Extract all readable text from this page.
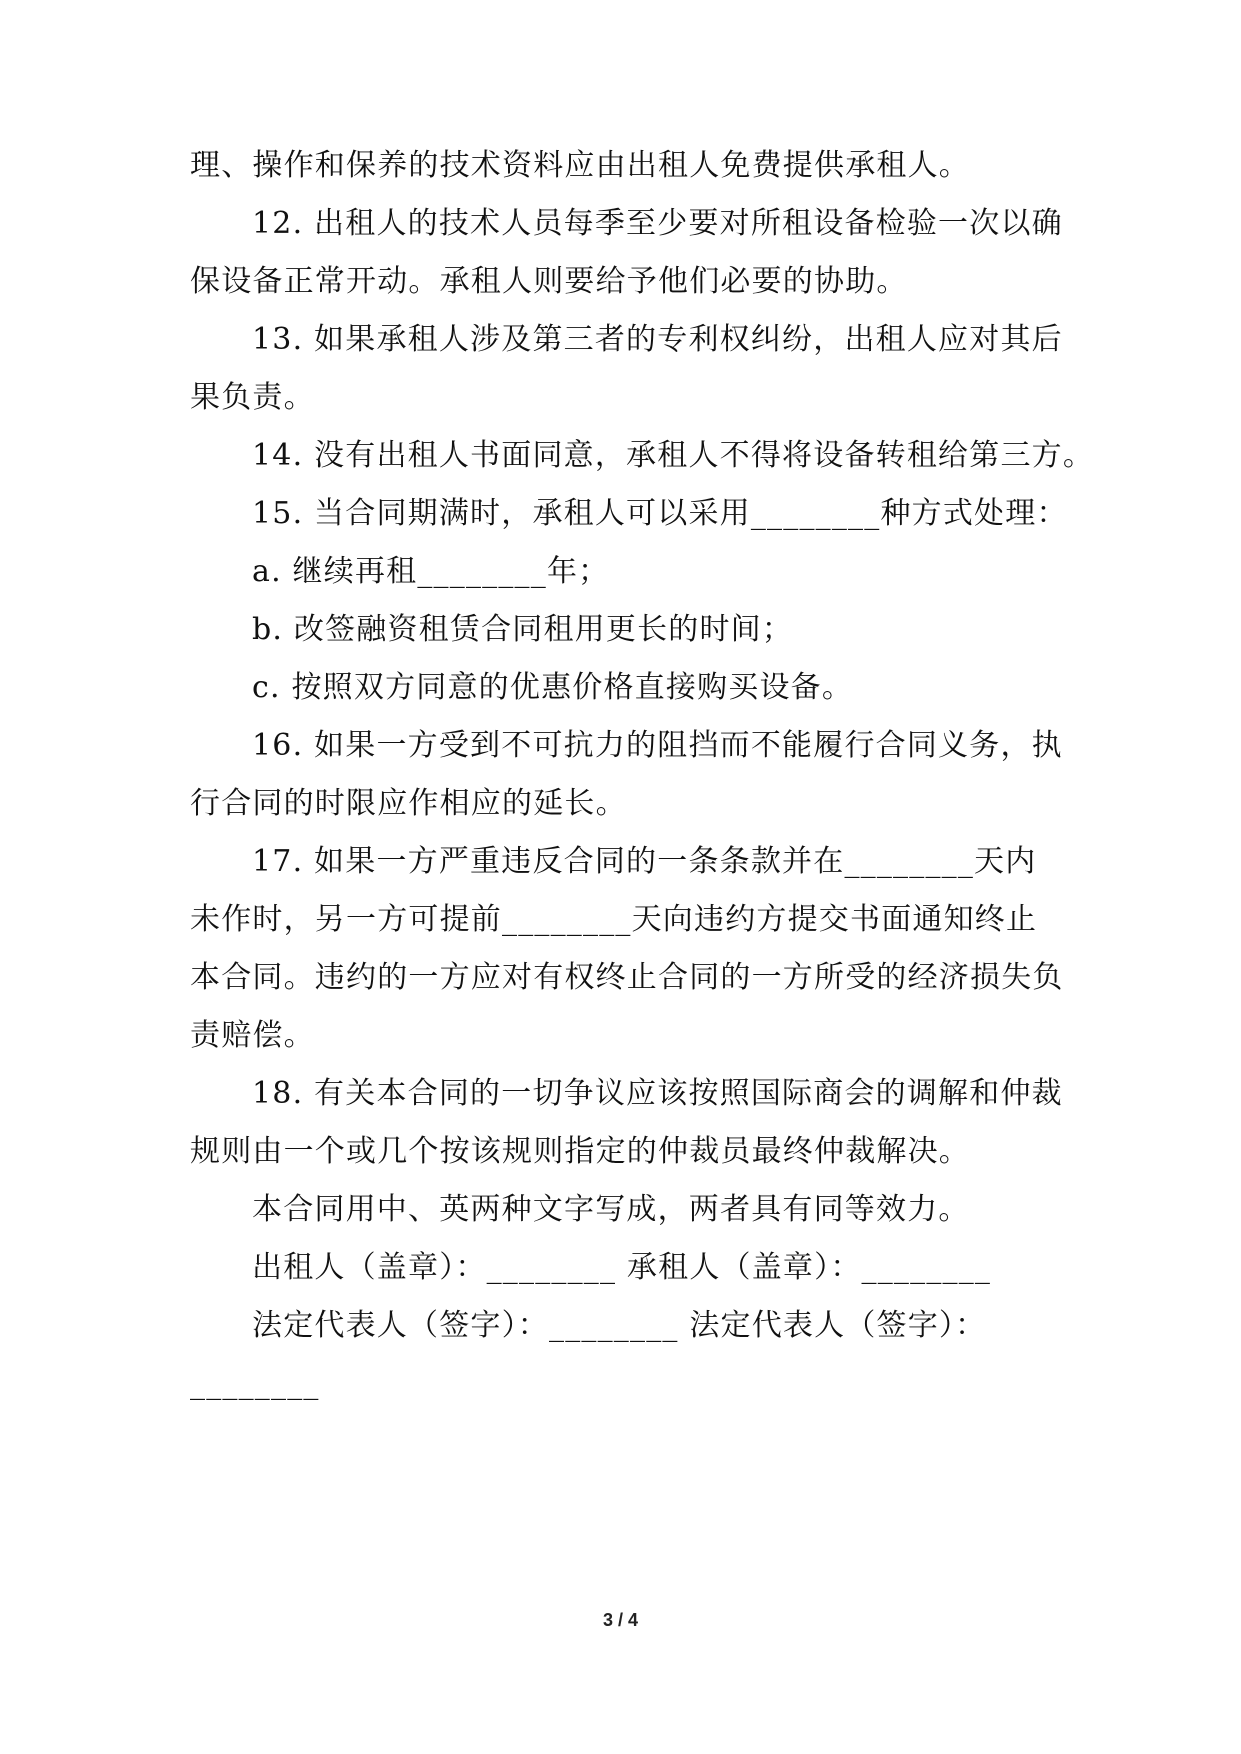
理、操作和保养的技术资料应由出租人免费提供承租人。
12. 出租人的技术人员每季至少要对所租设备检验一次以确
保设备正常开动。承租人则要给予他们必要的协助。
13. 如果承租人涉及第三者的专利权纠纷，出租人应对其后
果负责。
14. 没有出租人书面同意，承租人不得将设备转租给第三方。
15. 当合同期满时，承租人可以采用________种方式处理：
a. 继续再租________年；
b. 改签融资租赁合同租用更长的时间；
c. 按照双方同意的优惠价格直接购买设备。
16. 如果一方受到不可抗力的阻挡而不能履行合同义务，执
行合同的时限应作相应的延长。
17. 如果一方严重违反合同的一条条款并在________天内
未作时，另一方可提前________天向违约方提交书面通知终止
本合同。违约的一方应对有权终止合同的一方所受的经济损失负
责赔偿。
18. 有关本合同的一切争议应该按照国际商会的调解和仲裁
规则由一个或几个按该规则指定的仲裁员最终仲裁解决。
本合同用中、英两种文字写成，两者具有同等效力。
出租人（盖章）：________ 承租人（盖章）：________
法定代表人（签字）：________ 法定代表人（签字）：
________
3 / 4
